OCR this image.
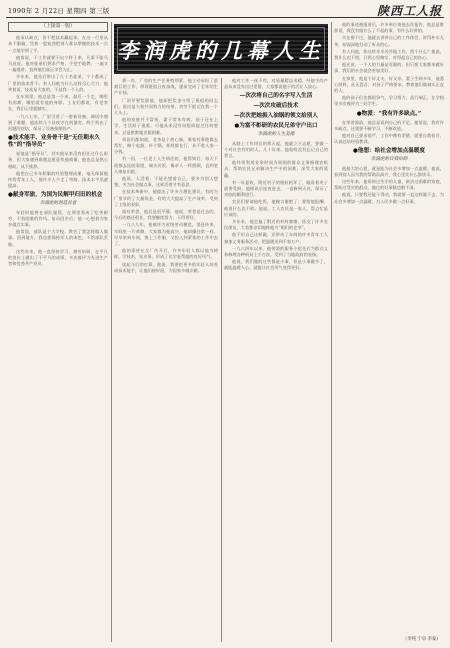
1990年 2 月22日 星期四 第三版	陕西工人报
李润虎的几幕人生
（上接第一版）

他承认缺点，但不把技术藏起来。在这一行里从来不服输，凭着一股钻劲把别人难以掌握的技术一点一点地学到了手。

他常说，干工作就要干出个样子来，凡事不能马马虎虎。他对徒弟们要求严格，手把手地教，一遍又一遍地讲，直到他们真正学会为止。

多年来，他先后带出了几十名徒弟，个个都成了厂里的技术骨干。有人问他为什么这样尽心尽力，他笑着说，技术是大家的，不是我一个人的。

在车间里，他总是第一个来，最后一个走，哪里有困难，哪里就有他的身影。工友们都说，有老李在，我们心里就踏实。

一九八七年，厂里引进了一套新设备，调试中遇到了难题，他连续几个昼夜守在机器旁，终于找出了问题的症结，保证了设备按期投产。

●技术能手、业务骨干是“无任期永久性”的“指导员”

说他是“指导员”，其实他从来没有担任过什么职务，但大家遇到难题总愿意找他商量，他也总是热心相助，从不推辞。

他把自己多年积累的经验整理成册，毫无保留地传给青年工人，使许多人少走了弯路，技术水平迅速提高。

●献身军旅，为国为民解甲归田的机会
李润虎的创造具意

年轻时他曾在部队服役，在那里养成了吃苦耐劳、不怕困难的作风。复员回乡后，他一心想着为家乡做点实事。

他常说，部队是个大学校，教会了我怎样做人做事。回到地方，我也要保持军人的本色，不给部队丢脸。

这些年来，他一直坚持学习，刻苦钻研，在平凡的岗位上做出了不平凡的成绩，多次被评为先进生产者和优秀共产党员。

那一年，厂里的生产任务特别紧，他主动承担了最艰巨的工作，带领班组日夜奋战，提前完成了全年的生产计划。

厂领导要奖励他，他却把奖金分给了班组的同志们，说这是大家共同努力的结果，功劳不能记在我一个人头上。

他的家庭并不富裕，妻子常年有病，孩子还在上学，生活担子很重。可他从来没有向组织提过任何要求，总是默默地克服困难。

邻居们都知道，老李是个热心肠，谁家有事他都去帮忙，修个电器，补个锅，样样都在行，从不收人家一分钱。

有一回，一位老工人生病住院，他得知后，每天下班都去医院看望，端水送饭，像亲人一样照顾，直到老人康复出院。

他说，人活着，不能光想着自己，要多为别人想想，多为社会做点事，这样活着才有意思。

在技术革新中，他提出了许多合理化建议，有的为厂里节约了大量资金，有的大大提高了生产效率，受到了上级的表彰。

面对荣誉，他总是很平静，他说，荣誉是过去的，今后的路还很长，我要继续努力，干得更好。

一九八九年，他被评为省级劳动模范，消息传来，车间里一片欢腾，大家都为他高兴，他却像往常一样，早早来到车间，换上工作服，又投入到紧张的工作中去了。

他的事迹在全厂传开后，许多年轻人都以他为榜样，学技术，钻业务，形成了比学赶帮超的良好风气。

谈起今后的打算，他说，我要把更多的年轻人培养成技术能手，让他们接好班，为国家多做贡献。

他对工作一丝不苟，对质量精益求精，经他手的产品从来没有出过差错，大家都说他干的活让人放心。

—次次将自己的名字写入生活
—次次攻破后技术
—次次把她振入油锅的领文给别人
●为富不彰研的农民兄弟守户出口
李润虎的人生美德

从踏上工作岗位的那天起，他就立下志愿，要做一个对社会有用的人。几十年来，他始终没有忘记自己的誓言。

他经常利用业余时间为周围的群众义务修理农机具，帮助农民兄弟解决生产中的困难，深受大家的爱戴。

有一年夏收，附近村子的脱粒机坏了，眼看着麦子就要受损，他闻讯后连夜赶去，一直修到天亮，保证了麦收的顺利进行。

农民们要请他吃饭，他婉言谢绝了；要给他报酬，他说什么也不收。他说，工人农民是一家人，帮点忙是应该的。

多年来，他走遍了附近的村村寨寨，结交了许多农民朋友，大家都亲切地称他为“咱们的老李”。

他不但自己这样做，还带动了车间的许多青年工人参加义务服务活动，把温暖送到千家万户。

一九八四年以来，他带领的服务小组先后为群众义务修理各种机具上千台次，受到了当地政府的表扬。

他说，我们做的这些都是小事，但是小事做多了，就能温暖人心，就能让社会风气变得更好。

他的事迹被报道后，许多单位请他去作报告，他总是推辞说，我没有做什么了不起的事，有什么好讲的。

实在推不过，他就去讲讲自己的工作体会，讲得朴实无华，却深深地打动了听众的心。

有人问他，你这样辛辛苦苦地工作，图个什么？他说，我什么也不图，只图心里踏实，对得起自己的良心。

他还说，一个人的力量是有限的，但只要大家都来做好事，我们的社会就会更加美好。

在家里，他是个好丈夫、好父亲。妻子生病多年，他悉心照料，从无怨言；对孩子严格要求，教育他们做诚实正直的人。

他的孩子们也都很争气，学习努力，品行端正，在学校里多次被评为三好学生。

●物派：“我有许多缺点。”

在荣誉面前，他总是看到自己的不足。他常说，我有许多缺点，还需要不断学习，不断改进。

他对自己要求很严，工作中稍有差错，就要自我检讨，认真总结经验教训。

●他想：给社会增加点温暖度
李润虎的自我信仰

他最大的心愿，就是能为社会多增加一点温暖。他说，看到别人因为我的帮助而高兴，我心里比什么都快乐。

这些年来，他资助过失学的儿童，救济过困难的家庭，帮助过受灾的群众，做过的好事数也数不清。

他说，只要我还能干得动，我就要一直这样做下去，为社会多增加一点温暖，为人民多做一点好事。

（李纯 宁卓 李泰)
